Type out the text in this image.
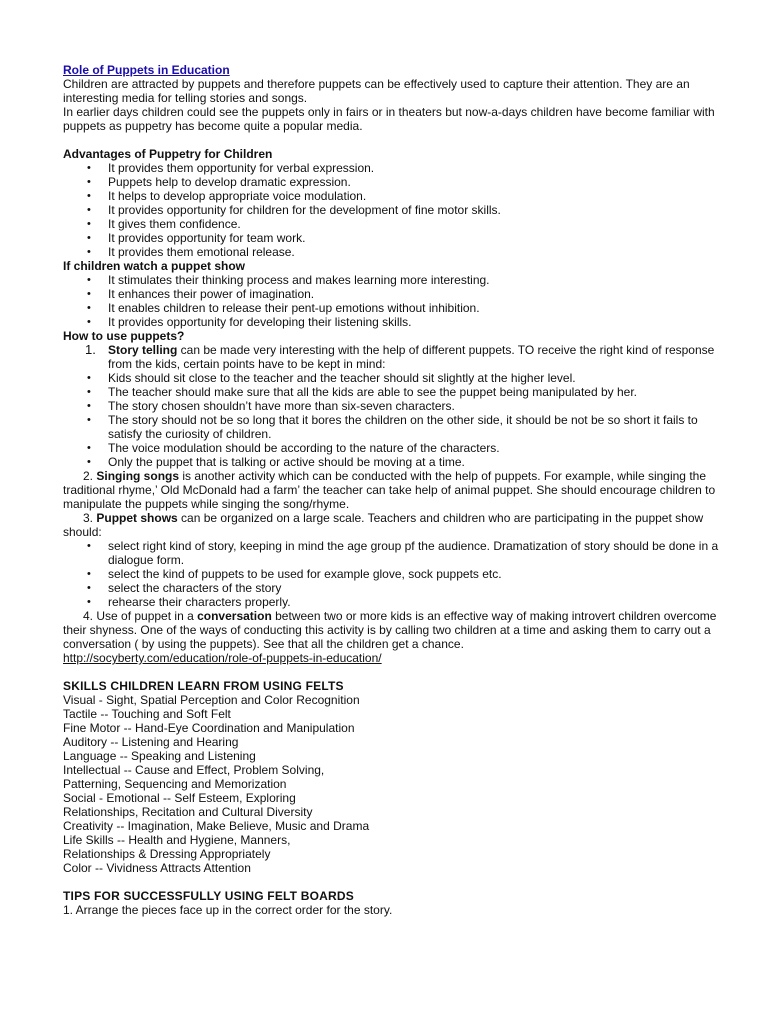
Role of Puppets in Education

Children are attracted by puppets and therefore puppets can be effectively used to capture their attention. They are an interesting media for telling stories and songs.

In earlier days children could see the puppets only in fairs or in theaters but now-a-days children have become familiar with puppets as puppetry has become quite a popular media.

Advantages of Puppetry for Children

• It provides them opportunity for verbal expression.
• Puppets help to develop dramatic expression.
• It helps to develop appropriate voice modulation.
• It provides opportunity for children for the development of fine motor skills.
• It gives them confidence.
• It provides opportunity for team work.
• It provides them emotional release.

If children watch a puppet show

• It stimulates their thinking process and makes learning more interesting.
• It enhances their power of imagination.
• It enables children to release their pent-up emotions without inhibition.
• It provides opportunity for developing their listening skills.

How to use puppets?

1. Story telling can be made very interesting with the help of different puppets. TO receive the right kind of response from the kids, certain points have to be kept in mind:
• Kids should sit close to the teacher and the teacher should sit slightly at the higher level.
• The teacher should make sure that all the kids are able to see the puppet being manipulated by her.
• The story chosen shouldn’t have more than six-seven characters.
• The story should not be so long that it bores the children on the other side, it should be not be so short it fails to satisfy the curiosity of children.
• The voice modulation should be according to the nature of the characters.
• Only the puppet that is talking or active should be moving at a time.

2. Singing songs is another activity which can be conducted with the help of puppets. For example, while singing the traditional rhyme,’ Old McDonald had a farm’ the teacher can take help of animal puppet. She should encourage children to manipulate the puppets while singing the song/rhyme.

3. Puppet shows can be organized on a large scale. Teachers and children who are participating in the puppet show should:

• select right kind of story, keeping in mind the age group pf the audience. Dramatization of story should be done in a dialogue form.
• select the kind of puppets to be used for example glove, sock puppets etc.
• select the characters of the story
• rehearse their characters properly.

4. Use of puppet in a conversation between two or more kids is an effective way of making introvert children overcome their shyness. One of the ways of conducting this activity is by calling two children at a time and asking them to carry out a conversation ( by using the puppets). See that all the children get a chance.

http://socyberty.com/education/role-of-puppets-in-education/

SKILLS CHILDREN LEARN FROM USING FELTS

Visual - Sight, Spatial Perception and Color Recognition

Tactile -- Touching and Soft Felt

Fine Motor -- Hand-Eye Coordination and Manipulation

Auditory -- Listening and Hearing

Language -- Speaking and Listening

Intellectual -- Cause and Effect, Problem Solving,

Patterning, Sequencing and Memorization

Social - Emotional -- Self Esteem, Exploring

Relationships, Recitation and Cultural Diversity

Creativity -- Imagination, Make Believe, Music and Drama

Life Skills -- Health and Hygiene, Manners,

Relationships & Dressing Appropriately

Color -- Vividness Attracts Attention

TIPS FOR SUCCESSFULLY USING FELT BOARDS

1. Arrange the pieces face up in the correct order for the story.
